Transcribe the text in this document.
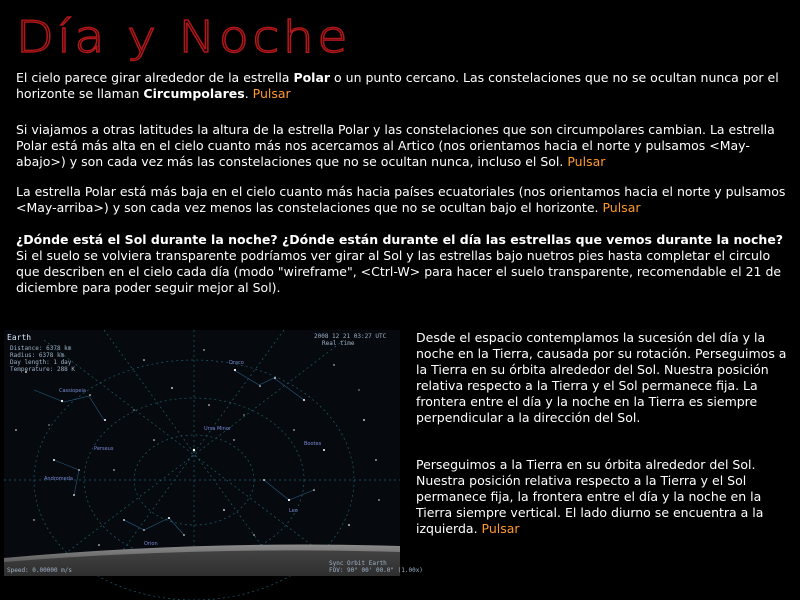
Día y Noche

El cielo parece girar alrededor de la estrella Polar o un punto cercano. Las constelaciones que no se ocultan nunca por el horizonte se llaman Circumpolares. Pulsar

Si viajamos a otras latitudes la altura de la estrella Polar y las constelaciones que son circumpolares cambian. La estrella Polar está más alta en el cielo cuanto más nos acercamos al Artico (nos orientamos hacia el norte y pulsamos <May-abajo>) y son cada vez más las constelaciones que no se ocultan nunca, incluso el Sol. Pulsar

La estrella Polar está más baja en el cielo cuanto más hacia países ecuatoriales (nos orientamos hacia el norte y pulsamos <May-arriba>) y son cada vez menos las constelaciones que no se ocultan bajo el horizonte. Pulsar

¿Dónde está el Sol durante la noche? ¿Dónde están durante el día las estrellas que vemos durante la noche? Si el suelo se volviera transparente podríamos ver girar al Sol y las estrellas bajo nuetros pies hasta completar el circulo que describen en el cielo cada día (modo "wireframe", <Ctrl-W> para hacer el suelo transparente, recomendable el 21 de diciembre para poder seguir mejor al Sol).

Cassiopeia
Draco
Orion
Leo
Andromeda
Ursa Minor
Bootes
Perseus
Earth
Distance: 6378 km
Radius: 6378 km
Day length: 1 day
Temperature: 288 K
2008 12 21 03:27 UTC
Real time
Sync Orbit Earth
FOV: 90° 00' 00.0" (1.00x)
Speed: 0.00000 m/s

Desde el espacio contemplamos la sucesión del día y la noche en la Tierra, causada por su rotación. Perseguimos a la Tierra en su órbita alrededor del Sol. Nuestra posición relativa respecto a la Tierra y el Sol permanece fija. La frontera entre el día y la noche en la Tierra es siempre perpendicular a la dirección del Sol.

Perseguimos a la Tierra en su órbita alrededor del Sol. Nuestra posición relativa respecto a la Tierra y el Sol permanece fija, la frontera entre el día y la noche en la Tierra siempre vertical. El lado diurno se encuentra a la izquierda. Pulsar
